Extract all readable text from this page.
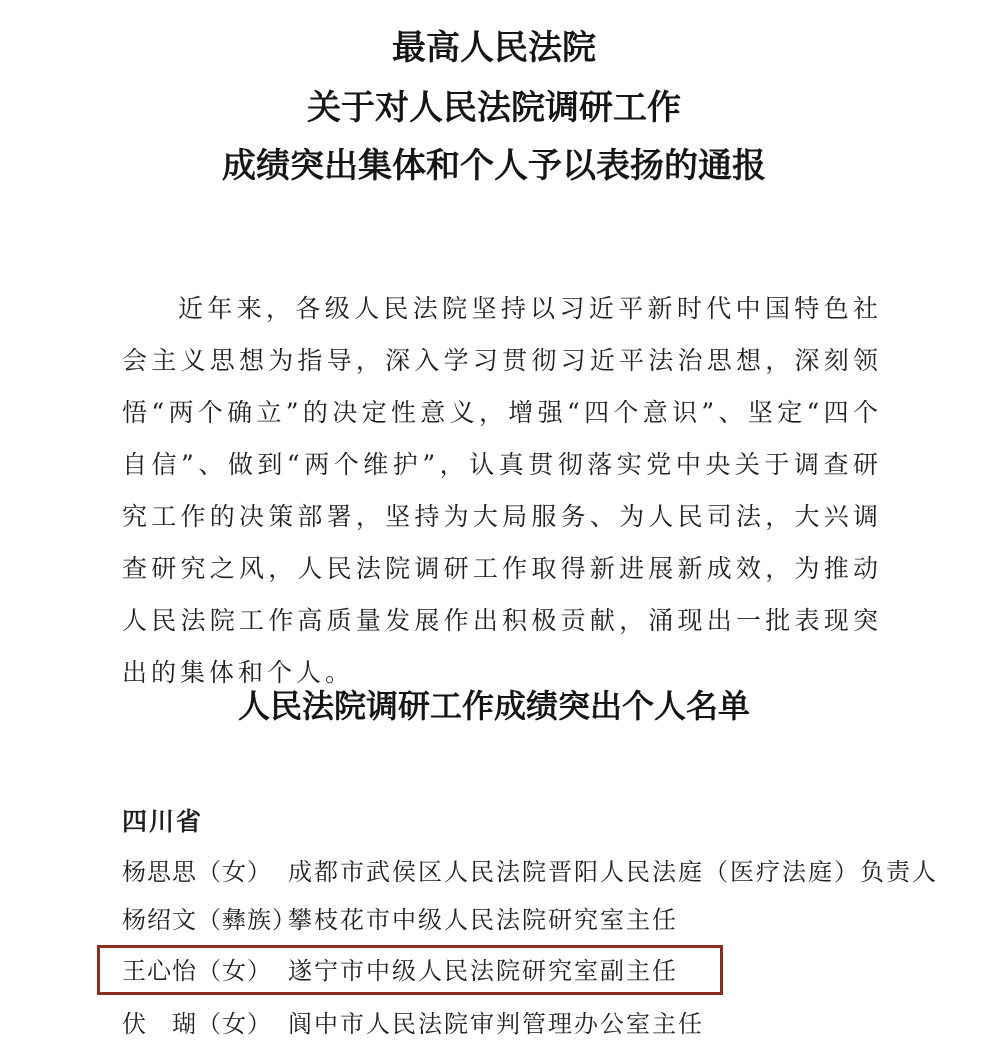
最高人民法院
关于对人民法院调研工作
成绩突出集体和个人予以表扬的通报

近年来，各级人民法院坚持以习近平新时代中国特色社会主义思想为指导，深入学习贯彻习近平法治思想，深刻领悟“两个确立”的决定性意义，增强“四个意识”、坚定“四个自信”、做到“两个维护”，认真贯彻落实党中央关于调查研究工作的决策部署，坚持为大局服务、为人民司法，大兴调查研究之风，人民法院调研工作取得新进展新成效，为推动人民法院工作高质量发展作出积极贡献，涌现出一批表现突出的集体和个人。

人民法院调研工作成绩突出个人名单
四川省
杨思思（女） 成都市武侯区人民法院晋阳人民法庭（医疗法庭）负责人
杨绍文（彝族）
攀枝花市中级人民法院研究室主任
王心怡（女） 遂宁市中级人民法院研究室副主任
伏　瑚（女） 阆中市人民法院审判管理办公室主任
